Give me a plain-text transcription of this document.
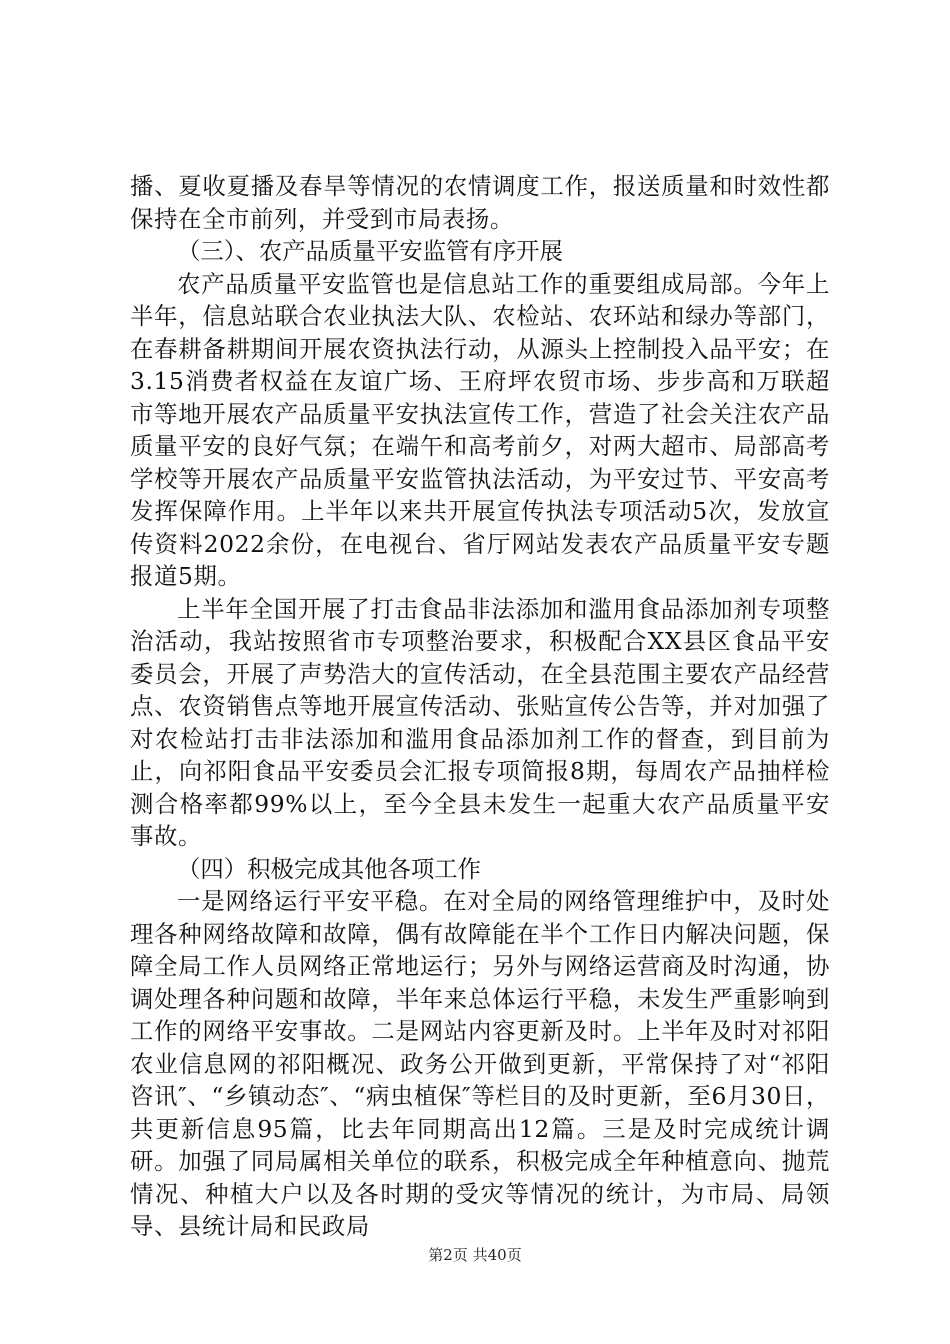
播、夏收夏播及春旱等情况的农情调度工作，报送质量和时效性都保持在全市前列，并受到市局表扬。

（三）、农产品质量平安监管有序开展

农产品质量平安监管也是信息站工作的重要组成局部。今年上半年，信息站联合农业执法大队、农检站、农环站和绿办等部门，在春耕备耕期间开展农资执法行动，从源头上控制投入品平安；在3.15消费者权益在友谊广场、王府坪农贸市场、步步高和万联超市等地开展农产品质量平安执法宣传工作，营造了社会关注农产品质量平安的良好气氛；在端午和高考前夕，对两大超市、局部高考学校等开展农产品质量平安监管执法活动，为平安过节、平安高考发挥保障作用。上半年以来共开展宣传执法专项活动5次，发放宣传资料2022余份，在电视台、省厅网站发表农产品质量平安专题报道5期。

上半年全国开展了打击食品非法添加和滥用食品添加剂专项整治活动，我站按照省市专项整治要求，积极配合XX县区食品平安委员会，开展了声势浩大的宣传活动，在全县范围主要农产品经营点、农资销售点等地开展宣传活动、张贴宣传公告等，并对加强了对农检站打击非法添加和滥用食品添加剂工作的督查，到目前为止，向祁阳食品平安委员会汇报专项简报8期，每周农产品抽样检测合格率都99%以上，至今全县未发生一起重大农产品质量平安事故。

（四）积极完成其他各项工作

一是网络运行平安平稳。在对全局的网络管理维护中，及时处理各种网络故障和故障，偶有故障能在半个工作日内解决问题，保障全局工作人员网络正常地运行；另外与网络运营商及时沟通，协调处理各种问题和故障，半年来总体运行平稳，未发生严重影响到工作的网络平安事故。二是网站内容更新及时。上半年及时对祁阳农业信息网的祁阳概况、政务公开做到更新，平常保持了对“祁阳咨讯″、“乡镇动态″、“病虫植保″等栏目的及时更新，至6月30日，共更新信息95篇，比去年同期高出12篇。三是及时完成统计调研。加强了同局属相关单位的联系，积极完成全年种植意向、抛荒情况、种植大户以及各时期的受灾等情况的统计，为市局、局领导、县统计局和民政局

第2页 共40页
